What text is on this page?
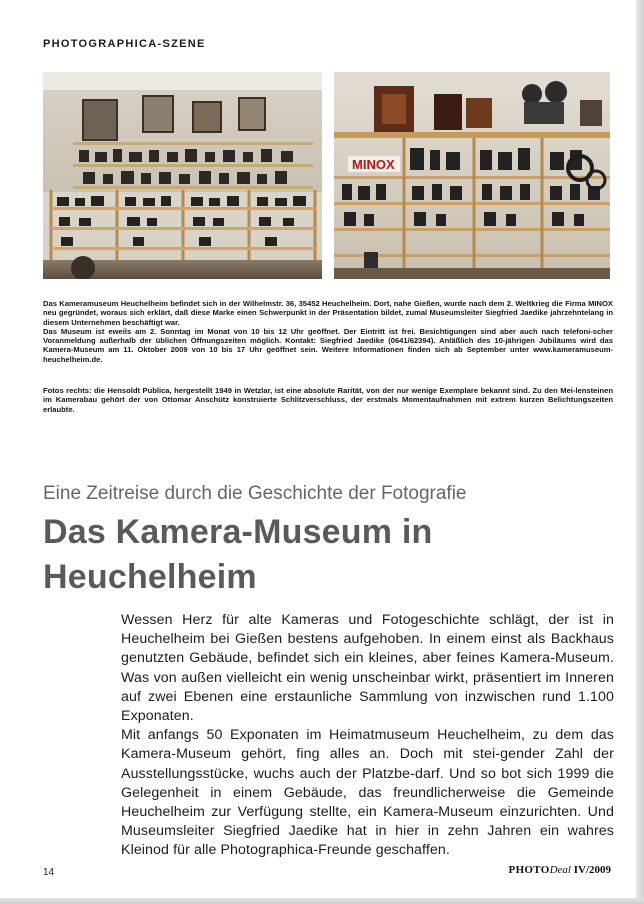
PHOTOGRAPHICA-SZENE
MINOX

Das Kameramuseum Heuchelheim befindet sich in der Wilhelmstr. 36, 35452 Heuchelheim. Dort, nahe Gießen, wurde nach dem 2. Weltkrieg die Firma MINOX neu gegründet, woraus sich erklärt, daß diese Marke einen Schwerpunkt in der Präsentation bildet, zumal Museumsleiter Siegfried Jaedike jahrzehntelang in diesem Unternehmen beschäftigt war.

Das Museum ist eweils am 2. Sonntag im Monat von 10 bis 12 Uhr geöffnet. Der Eintritt ist frei. Besichtigungen sind aber auch nach telefoni-scher Voranmeldung außerhalb der üblichen Öffnungszeiten möglich. Kontakt: Siegfried Jaedike (0641/62394). Anläßlich des 10-jährigen Jubiläums wird das Kamera-Museum am 11. Oktober 2009 von 10 bis 17 Uhr geöffnet sein. Weitere Informationen finden sich ab September unter www.kameramuseum-heuchelheim.de.

Fotos rechts: die Hensoldt Publica, hergestellt 1949 in Wetzlar, ist eine absolute Rarität, von der nur wenige Exemplare bekannt sind. Zu den Mei-lensteinen im Kamerabau gehört der von Ottomar Anschütz konstruierte Schlitzverschluss, der erstmals Momentaufnahmen mit extrem kurzen Belichtungszeiten erlaubte.

Eine Zeitreise durch die Geschichte der Fotografie
Das Kamera-Museum in
Heuchelheim

Wessen Herz für alte Kameras und Fotogeschichte schlägt, der ist in Heuchelheim bei Gießen bestens aufgehoben. In einem einst als Backhaus genutzten Gebäude, befindet sich ein kleines, aber feines Kamera-Museum. Was von außen vielleicht ein wenig unscheinbar wirkt, präsentiert im Inneren auf zwei Ebenen eine erstaunliche Sammlung von inzwischen rund 1.100 Exponaten.

Mit anfangs 50 Exponaten im Heimatmuseum Heuchelheim, zu dem das Kamera-Museum gehört, fing alles an. Doch mit stei-gender Zahl der Ausstellungsstücke, wuchs auch der Platzbe-darf. Und so bot sich 1999 die Gelegenheit in einem Gebäude, das freundlicherweise die Gemeinde Heuchelheim zur Verfügung stellte, ein Kamera-Museum einzurichten. Und Museumsleiter Siegfried Jaedike hat in hier in zehn Jahren ein wahres Kleinod für alle Photographica-Freunde geschaffen.

14	PHOTODeal IV/2009
